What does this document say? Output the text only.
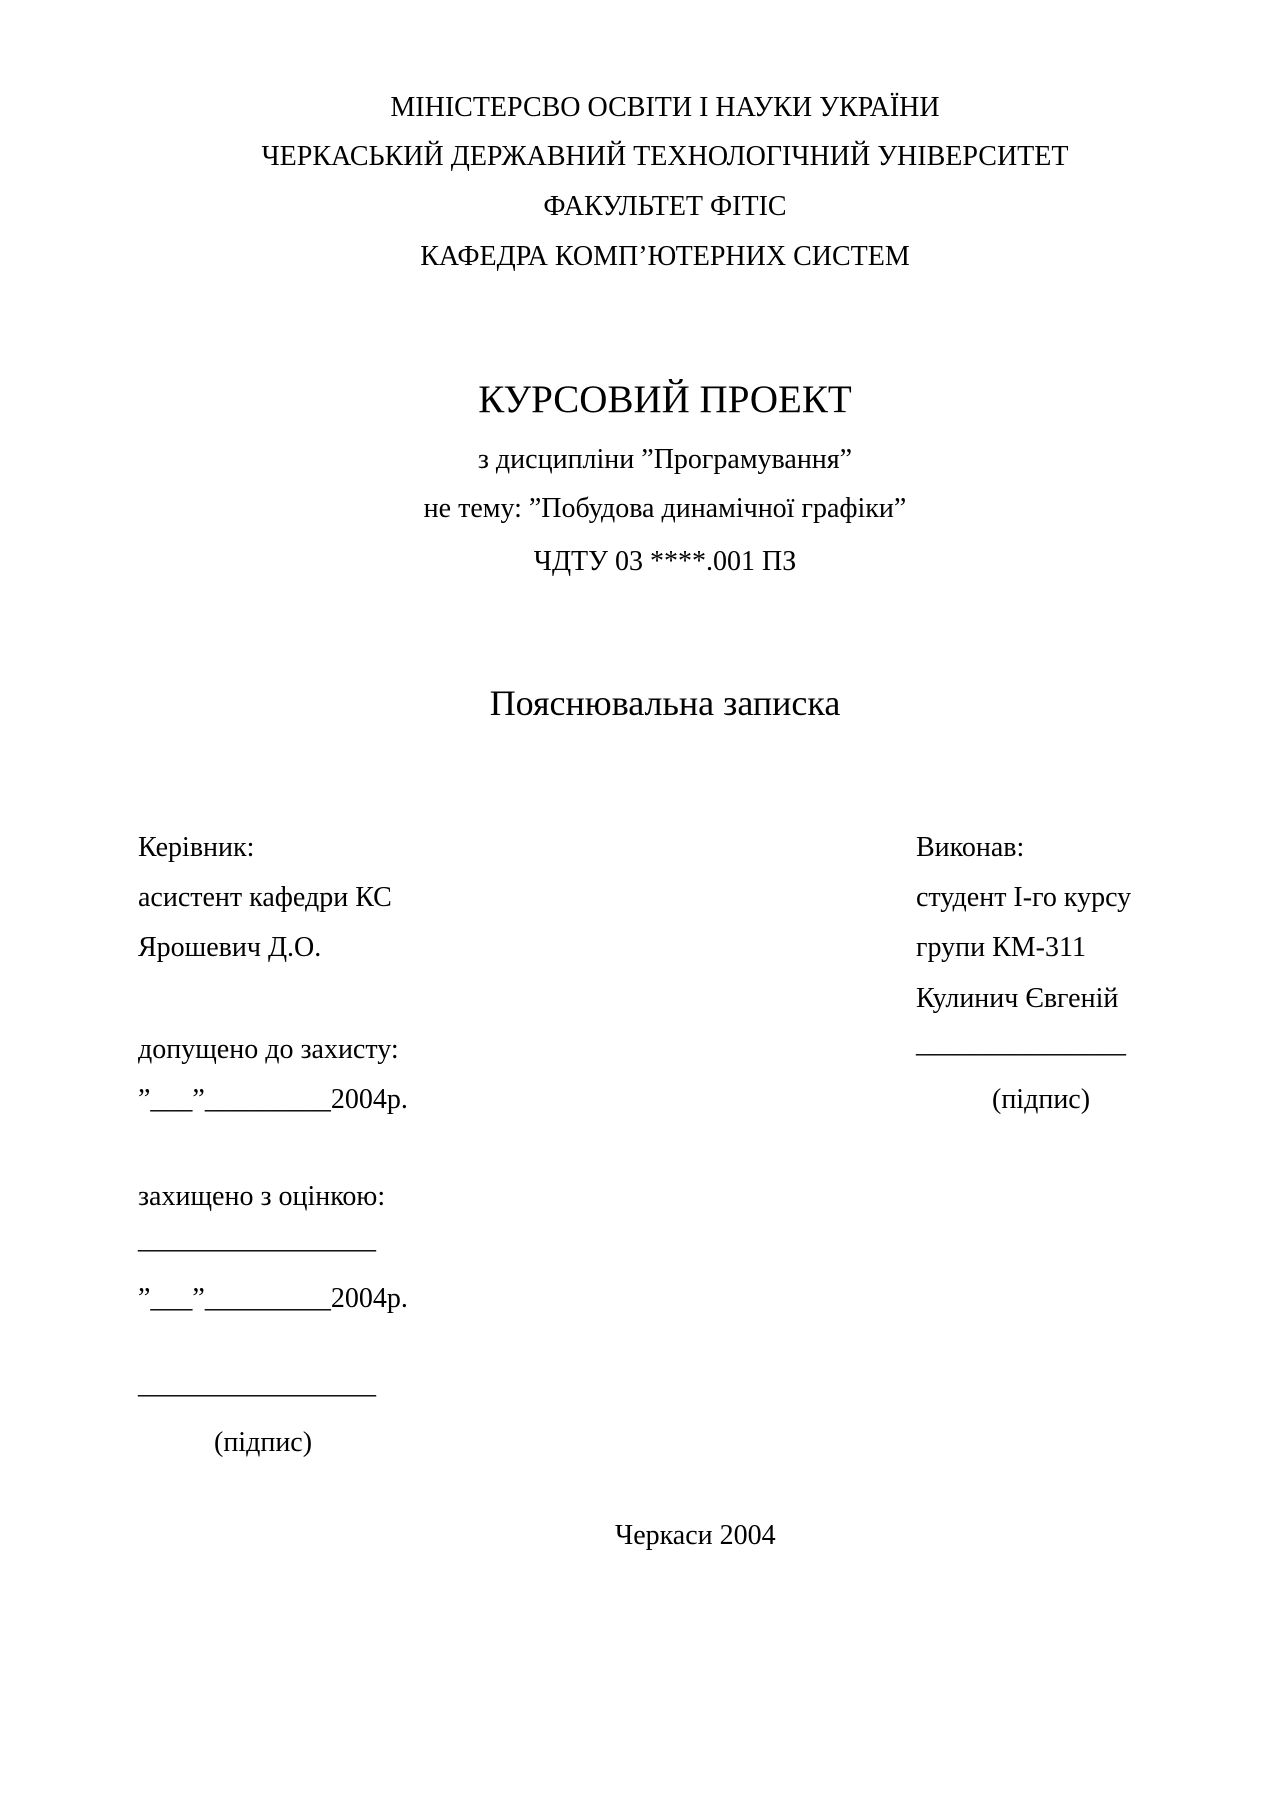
МІНІСТЕРСВО ОСВІТИ І НАУКИ УКРАЇНИ
ЧЕРКАСЬКИЙ ДЕРЖАВНИЙ ТЕХНОЛОГІЧНИЙ УНІВЕРСИТЕТ
ФАКУЛЬТЕТ ФІТІС
КАФЕДРА КОМП’ЮТЕРНИХ СИСТЕМ
КУРСОВИЙ ПРОЕКТ
з дисципліни ”Програмування”
не тему: ”Побудова динамічної графіки”
ЧДТУ 03 ****.001 ПЗ
Пояснювальна записка
Керівник:
асистент кафедри КС
Ярошевич Д.О.
допущено до захисту:
”___”_________2004р.
захищено з оцінкою:
_________________
”___”_________2004р.
_________________
(підпис)
Виконав:
студент І-го курсу
групи КМ-311
Кулинич Євгеній
_______________
(підпис)
Черкаси 2004
